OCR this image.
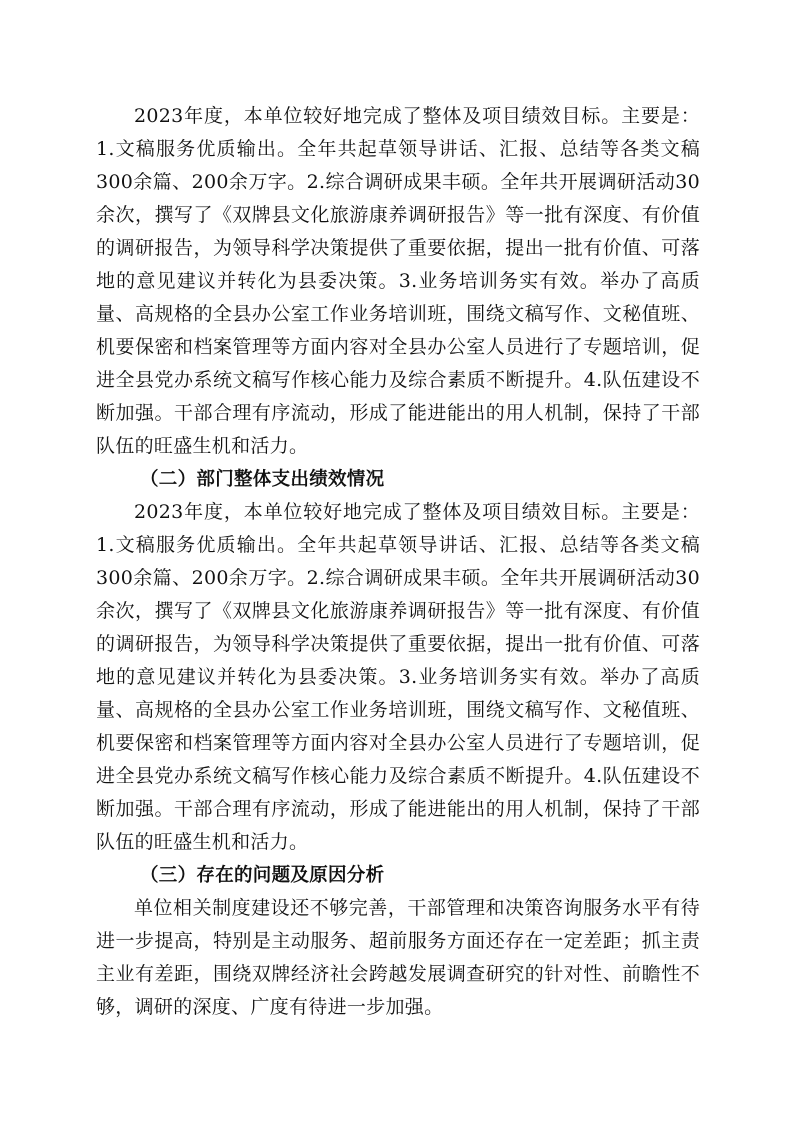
2023年度，本单位较好地完成了整体及项目绩效目标。主要是：1.文稿服务优质输出。全年共起草领导讲话、汇报、总结等各类文稿300余篇、200余万字。2.综合调研成果丰硕。全年共开展调研活动30余次，撰写了《双牌县文化旅游康养调研报告》等一批有深度、有价值的调研报告，为领导科学决策提供了重要依据，提出一批有价值、可落地的意见建议并转化为县委决策。3.业务培训务实有效。举办了高质量、高规格的全县办公室工作业务培训班，围绕文稿写作、文秘值班、机要保密和档案管理等方面内容对全县办公室人员进行了专题培训，促进全县党办系统文稿写作核心能力及综合素质不断提升。4.队伍建设不断加强。干部合理有序流动，形成了能进能出的用人机制，保持了干部队伍的旺盛生机和活力。

（二）部门整体支出绩效情况

2023年度，本单位较好地完成了整体及项目绩效目标。主要是：1.文稿服务优质输出。全年共起草领导讲话、汇报、总结等各类文稿300余篇、200余万字。2.综合调研成果丰硕。全年共开展调研活动30余次，撰写了《双牌县文化旅游康养调研报告》等一批有深度、有价值的调研报告，为领导科学决策提供了重要依据，提出一批有价值、可落地的意见建议并转化为县委决策。3.业务培训务实有效。举办了高质量、高规格的全县办公室工作业务培训班，围绕文稿写作、文秘值班、机要保密和档案管理等方面内容对全县办公室人员进行了专题培训，促进全县党办系统文稿写作核心能力及综合素质不断提升。4.队伍建设不断加强。干部合理有序流动，形成了能进能出的用人机制，保持了干部队伍的旺盛生机和活力。

（三）存在的问题及原因分析

单位相关制度建设还不够完善，干部管理和决策咨询服务水平有待进一步提高，特别是主动服务、超前服务方面还存在一定差距；抓主责主业有差距，围绕双牌经济社会跨越发展调查研究的针对性、前瞻性不够，调研的深度、广度有待进一步加强。
